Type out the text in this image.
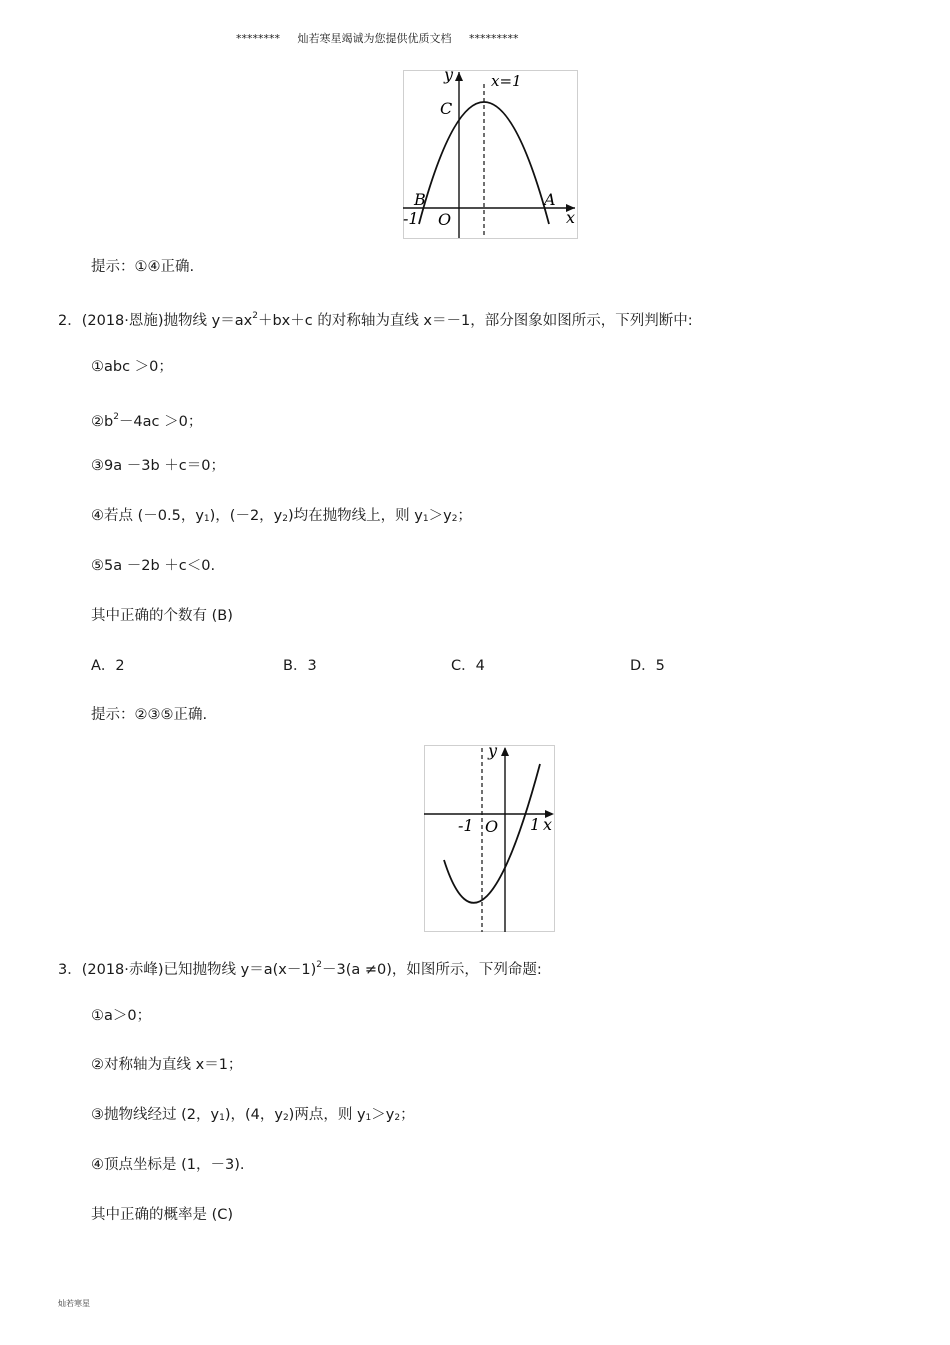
******** 灿若寒星竭诚为您提供优质文档 *********
y
x
x=1
C
B	A
-1 O
提示：①④正确.
2．(2018·恩施)抛物线 $y=ax^2+bx+c$ 的对称轴为直线 x＝－1，部分图象如图所示，下列判断中:
①abc ＞0；
$②b^2-4ac >0$；
③9a －3b ＋c＝0；
④若点 (－0.5，y1)，(－2，y2)均在抛物线上，则 y1＞y2；
⑤5a －2b ＋c＜0.
其中正确的个数有 (B)
A．2	B．3	C．4	D．5
提示：②③⑤正确.
y
x
-1 O 1
3．(2018·赤峰)已知抛物线 $y=a(x-1)^2-3(a \ne 0)$，如图所示，下列命题:
①a＞0；
②对称轴为直线 x＝1；
③抛物线经过 (2，y1)，(4，y2)两点，则 y1＞y2；
④顶点坐标是 (1，－3).
其中正确的概率是 (C)
灿若寒星
